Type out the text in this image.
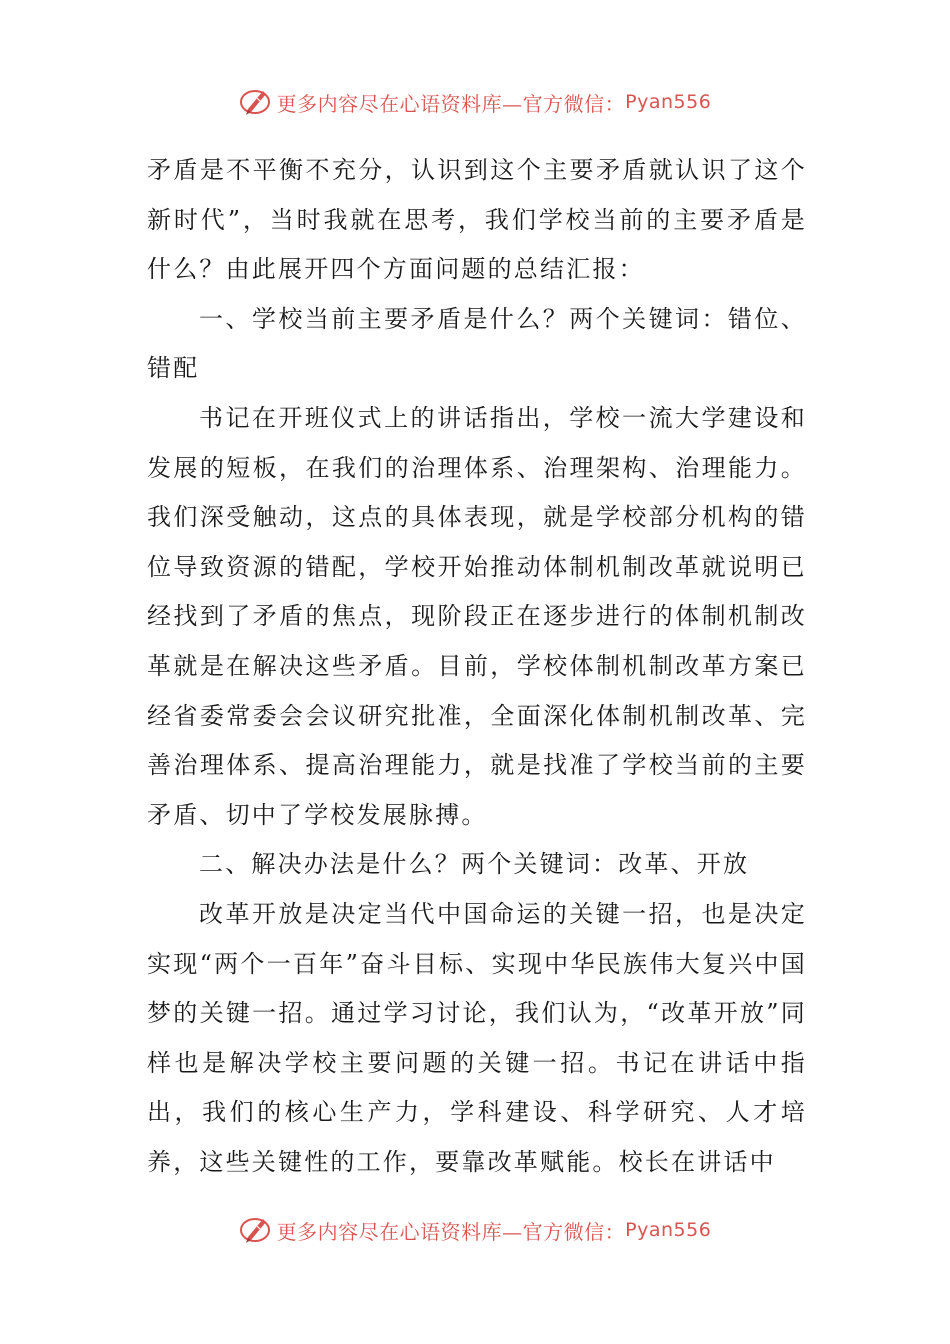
更多内容尽在心语资料库—官方微信： Pyan556

矛盾是不平衡不充分，认识到这个主要矛盾就认识了这个新时代”，当时我就在思考，我们学校当前的主要矛盾是什么？由此展开四个方面问题的总结汇报：

一、学校当前主要矛盾是什么？两个关键词：错位、错配

书记在开班仪式上的讲话指出，学校一流大学建设和发展的短板，在我们的治理体系、治理架构、治理能力。我们深受触动，这点的具体表现，就是学校部分机构的错位导致资源的错配，学校开始推动体制机制改革就说明已经找到了矛盾的焦点，现阶段正在逐步进行的体制机制改革就是在解决这些矛盾。目前，学校体制机制改革方案已经省委常委会会议研究批准，全面深化体制机制改革、完善治理体系、提高治理能力，就是找准了学校当前的主要矛盾、切中了学校发展脉搏。

二、解决办法是什么？两个关键词：改革、开放

改革开放是决定当代中国命运的关键一招，也是决定实现“两个一百年”奋斗目标、实现中华民族伟大复兴中国梦的关键一招。通过学习讨论，我们认为，“改革开放”同样也是解决学校主要问题的关键一招。书记在讲话中指出，我们的核心生产力，学科建设、科学研究、人才培养，这些关键性的工作，要靠改革赋能。校长在讲话中

更多内容尽在心语资料库—官方微信： Pyan556
